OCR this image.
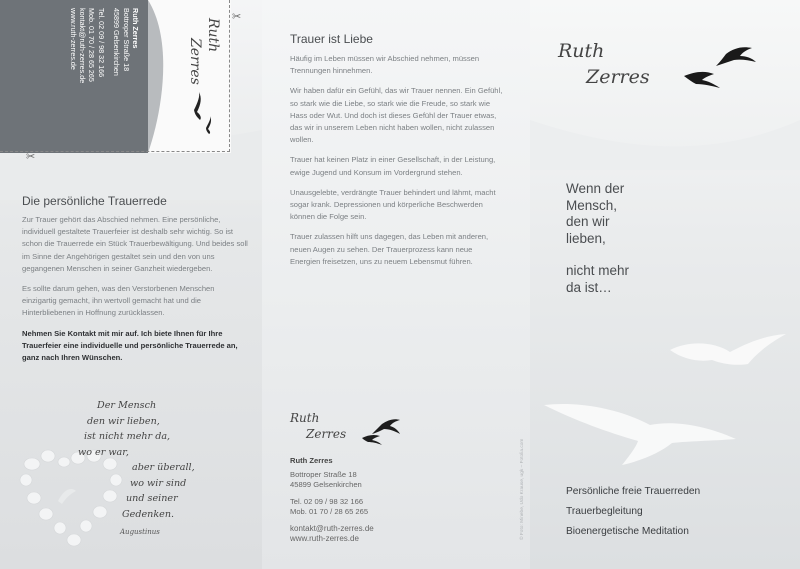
Ruth Zerres
Bottroper Straße 18
45899 Gelsenkirchen
Tel. 02 09 / 98 32 166
Mob. 01 70 / 28 65 265
kontakt@ruth-zerres.de
www.ruth-zerres.de	Ruth
Zerres
✂
✂
Die persönliche Trauerrede

Zur Trauer gehört das Abschied nehmen. Eine persönliche, individuell gestaltete Trauerfeier ist deshalb sehr wichtig. So ist schon die Trauerrede ein Stück Trauerbewältigung. Und beides soll im Sinne der Angehörigen gestaltet sein und den von uns gegangenen Menschen in seiner Ganzheit wiedergeben.

Es sollte darum gehen, was den Verstorbenen Menschen einzigartig gemacht, ihn wertvoll gemacht hat und die Hinterbliebenen in Hoffnung zurücklassen.

Nehmen Sie Kontakt mit mir auf. Ich biete Ihnen für Ihre Trauerfeier eine individuelle und persönliche Trauerrede an, ganz nach Ihren Wünschen.

Der Mensch
den wir lieben,
ist nicht mehr da,
wo er war,
aber überall,
wo wir sind
und seiner
Gedenken.
Augustinus
Trauer ist Liebe

Häufig im Leben müssen wir Abschied nehmen, müssen Trennungen hinnehmen.

Wir haben dafür ein Gefühl, das wir Trauer nennen. Ein Gefühl, so stark wie die Liebe, so stark wie die Freude, so stark wie Hass oder Wut. Und doch ist dieses Gefühl der Trauer etwas, das wir in unserem Leben nicht haben wollen, nicht zulassen wollen.

Trauer hat keinen Platz in einer Gesellschaft, in der Leistung, ewige Jugend und Konsum im Vordergrund stehen.

Unausgelebte, verdrängte Trauer behindert und lähmt, macht sogar krank. Depressionen und körperliche Beschwerden können die Folge sein.

Trauer zulassen hilft uns dagegen, das Leben mit anderen, neuen Augen zu sehen. Der Trauerprozess kann neue Energien freisetzen, uns zu neuem Lebensmut führen.

Ruth
Zerres
Ruth Zerres
Bottroper Straße 18
45899 Gelsenkirchen
Tel. 02 09 / 98 32 166
Mob. 01 70 / 28 65 265
kontakt@ruth-zerres.de
www.ruth-zerres.de	© Foto: Minebe, Udo Krause, ugk – Fotolia.com
Ruth
Zerres
Wenn der
Mensch,
den wir
lieben,
nicht mehr
da ist…
Persönliche freie Trauerreden
Trauerbegleitung
Bioenergetische Meditation
